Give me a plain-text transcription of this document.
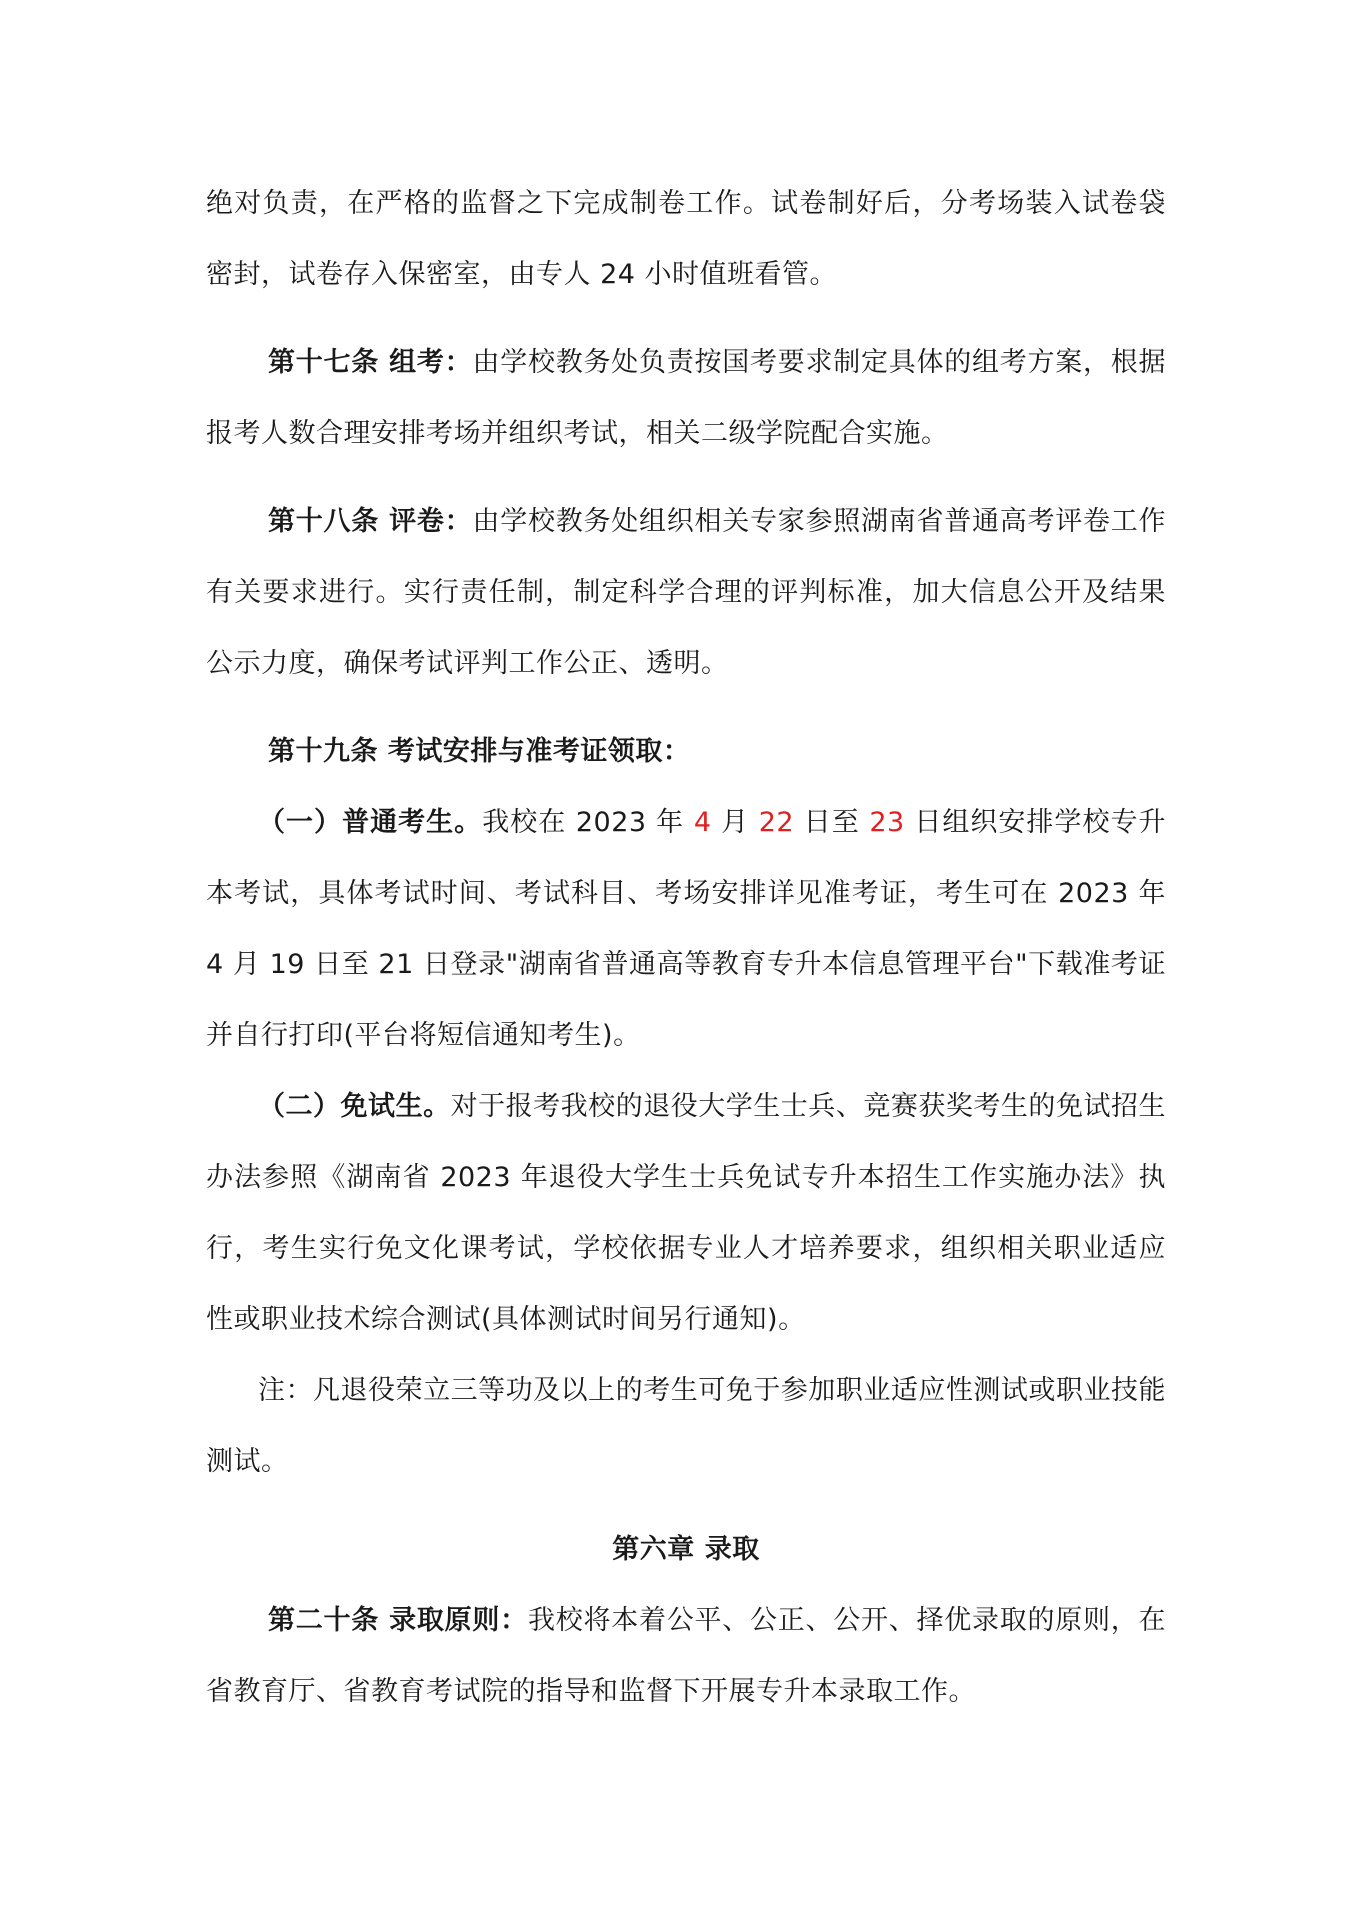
绝对负责，在严格的监督之下完成制卷工作。试卷制好后，分考场装入试卷袋密封，试卷存入保密室，由专人 24 小时值班看管。

第十七条 组考：由学校教务处负责按国考要求制定具体的组考方案，根据报考人数合理安排考场并组织考试，相关二级学院配合实施。

第十八条 评卷：由学校教务处组织相关专家参照湖南省普通高考评卷工作有关要求进行。实行责任制，制定科学合理的评判标准，加大信息公开及结果公示力度，确保考试评判工作公正、透明。

第十九条 考试安排与准考证领取：

（一）普通考生。我校在 2023 年 4 月 22 日至 23 日组织安排学校专升本考试，具体考试时间、考试科目、考场安排详见准考证，考生可在 2023 年 4 月 19 日至 21 日登录"湖南省普通高等教育专升本信息管理平台"下载准考证并自行打印(平台将短信通知考生)。

（二）免试生。对于报考我校的退役大学生士兵、竞赛获奖考生的免试招生办法参照《湖南省 2023 年退役大学生士兵免试专升本招生工作实施办法》执行，考生实行免文化课考试，学校依据专业人才培养要求，组织相关职业适应性或职业技术综合测试(具体测试时间另行通知)。

注：凡退役荣立三等功及以上的考生可免于参加职业适应性测试或职业技能测试。

第六章 录取

第二十条 录取原则：我校将本着公平、公正、公开、择优录取的原则，在省教育厅、省教育考试院的指导和监督下开展专升本录取工作。
